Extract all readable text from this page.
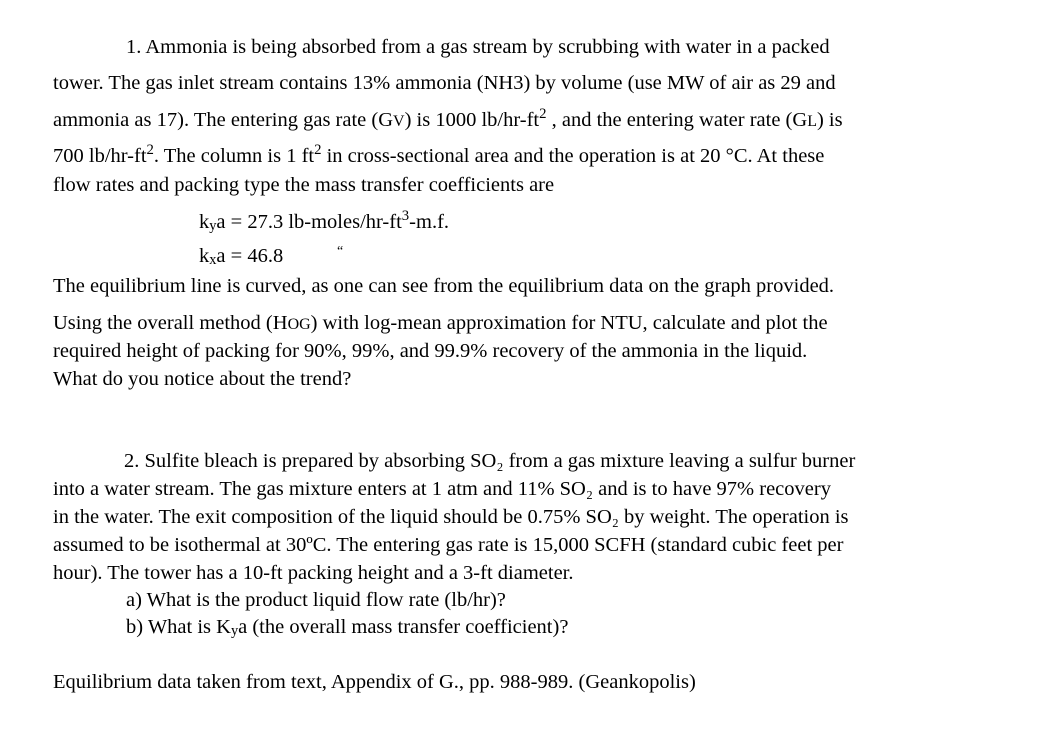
1. Ammonia is being absorbed from a gas stream by scrubbing with water in a packed
tower. The gas inlet stream contains 13% ammonia (NH3) by volume (use MW of air as 29 and
ammonia as 17). The entering gas rate (GV) is 1000 $lb/hr-ft^2$ , and the entering water rate (GL) is
700 $lb/hr-ft^2$. The column is 1 $ft^2$ in cross-sectional area and the operation is at 20 °C. At these
flow rates and packing type the mass transfer coefficients are
kya = 27.3 $lb-moles/hr-ft^3-m.f$.
kxa = 46.8	“
The equilibrium line is curved, as one can see from the equilibrium data on the graph provided.
Using the overall method (HOG) with log-mean approximation for NTU, calculate and plot the
required height of packing for 90%, 99%, and 99.9% recovery of the ammonia in the liquid.
What do you notice about the trend?
2. Sulfite bleach is prepared by absorbing SO₂ from a gas mixture leaving a sulfur burner
into a water stream. The gas mixture enters at 1 atm and 11% SO₂ and is to have 97% recovery
in the water. The exit composition of the liquid should be 0.75% SO₂ by weight. The operation is
assumed to be isothermal at 30ºC. The entering gas rate is 15,000 SCFH (standard cubic feet per
hour). The tower has a 10-ft packing height and a 3-ft diameter.
a) What is the product liquid flow rate (lb/hr)?
b) What is Kya (the overall mass transfer coefficient)?
Equilibrium data taken from text, Appendix of G., pp. 988-989. (Geankopolis)
